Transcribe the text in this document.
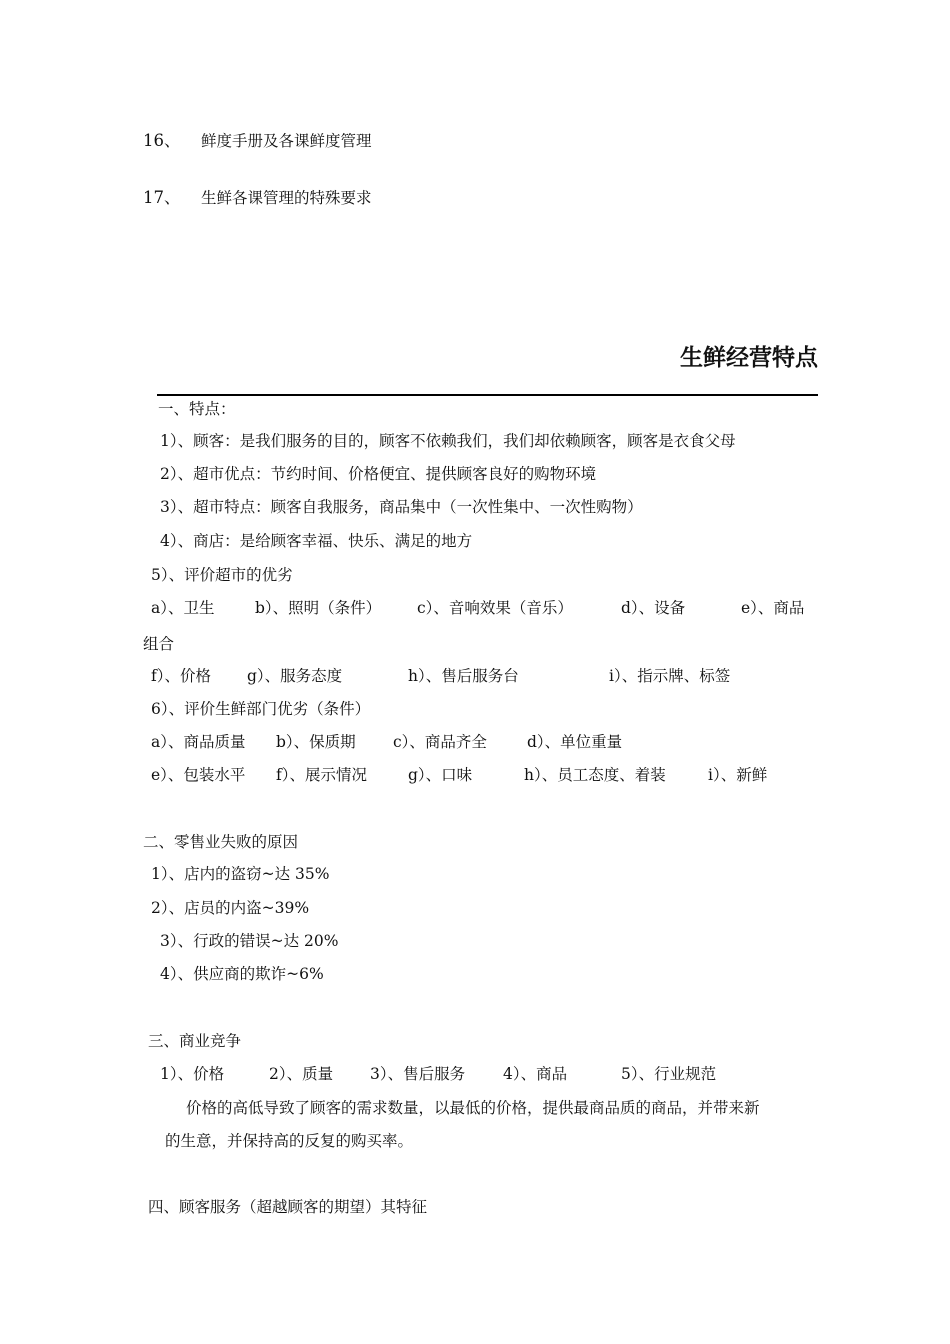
16、 鲜度手册及各课鲜度管理
17、 生鲜各课管理的特殊要求
生鲜经营特点
一、特点：
1）、顾客：是我们服务的目的，顾客不依赖我们，我们却依赖顾客，顾客是衣食父母
2）、超市优点：节约时间、价格便宜、提供顾客良好的购物环境
3）、超市特点：顾客自我服务，商品集中（一次性集中、一次性购物）
4）、商店：是给顾客幸福、快乐、满足的地方
5）、评价超市的优劣
a）、卫生	b）、照明（条件） c）、音响效果（音乐）	d）、设备	e）、商品
组合
f）、价格 g）、服务态度	h）、售后服务台	i）、指示牌、标签
6）、评价生鲜部门优劣（条件）
a）、商品质量 b）、保质期 c）、商品齐全	d）、单位重量
e）、包装水平 f）、展示情况	g）、口味	h）、员工态度、着装	i）、新鲜
二、零售业失败的原因
1）、店内的盗窃~达 35%
2）、店员的内盗~39%
3）、行政的错误~达 20%
4）、供应商的欺诈~6%
三、商业竞争
1）、价格	2）、质量 3）、售后服务 4）、商品	5）、行业规范
价格的高低导致了顾客的需求数量，以最低的价格，提供最商品质的商品，并带来新
的生意，并保持高的反复的购买率。
四、顾客服务（超越顾客的期望）其特征
